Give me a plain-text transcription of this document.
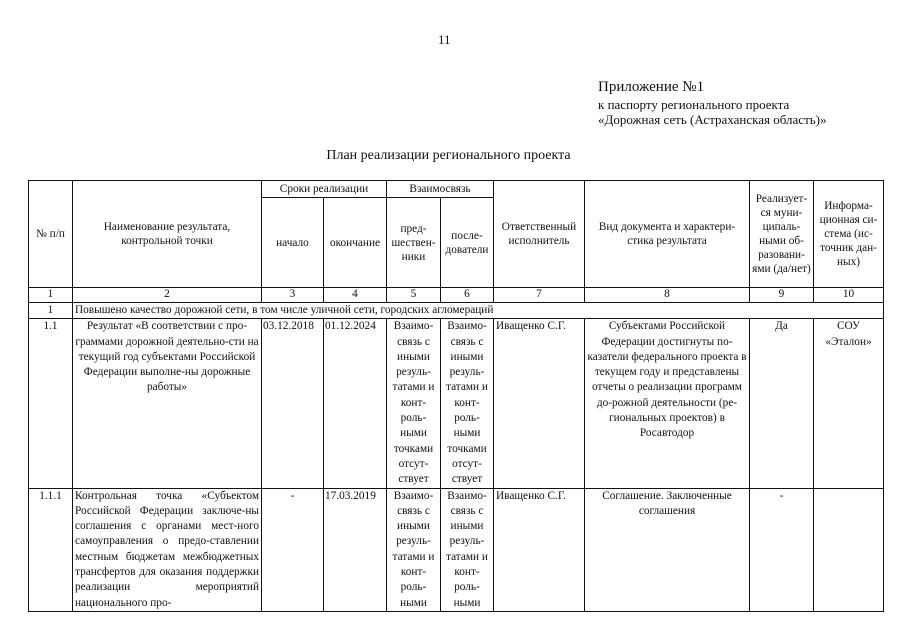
11
Приложение №1
к паспорту регионального проекта
«Дорожная сеть (Астраханская область)»
План реализации регионального проекта
№ п/п	Наименование результата, контрольной точки	Сроки реализации		Взаимосвязь		Ответственный исполнитель	Вид документа и характери-стика результата	Реализует-ся муни-ципаль-ными об-разовани-ями (да/нет)	Информа-ционная си-стема (ис-точник дан-ных)
		начало	окончание	пред-шествен-ники	после-дователи				
1	2	3	4	5	6	7	8	9	10
1	Повышено качество дорожной сети, в том числе уличной сети, городских агломераций								
1.1	Результат «В соответствии с про-граммами дорожной деятельно-сти на текущий год субъектами Российской Федерации выполне-ны дорожные работы»	03.12.2018	01.12.2024	Взаимо-связь с иными резуль-татами и конт-роль-ными точками отсут-ствует	Взаимо-связь с иными резуль-татами и конт-роль-ными точками отсут-ствует	Иващенко С.Г.	Субъектами Российской Федерации достигнуты по-казатели федерального проекта в текущем году и представлены отчеты о реализации программ до-рожной деятельности (ре-гиональных проектов) в Росавтодор	Да	СОУ «Эталон»
1.1.1	Контрольная точка «Субъектом Российской Федерации заключе-ны соглашения с органами мест-ного самоуправления о предо-ставлении местным бюджетам межбюджетных трансфертов для оказания поддержки реализации мероприятий национального про-	-	17.03.2019	Взаимо-связь с иными резуль-татами и конт-роль-ными	Взаимо-связь с иными резуль-татами и конт-роль-ными	Иващенко С.Г.	Соглашение. Заключенные соглашения	-	
